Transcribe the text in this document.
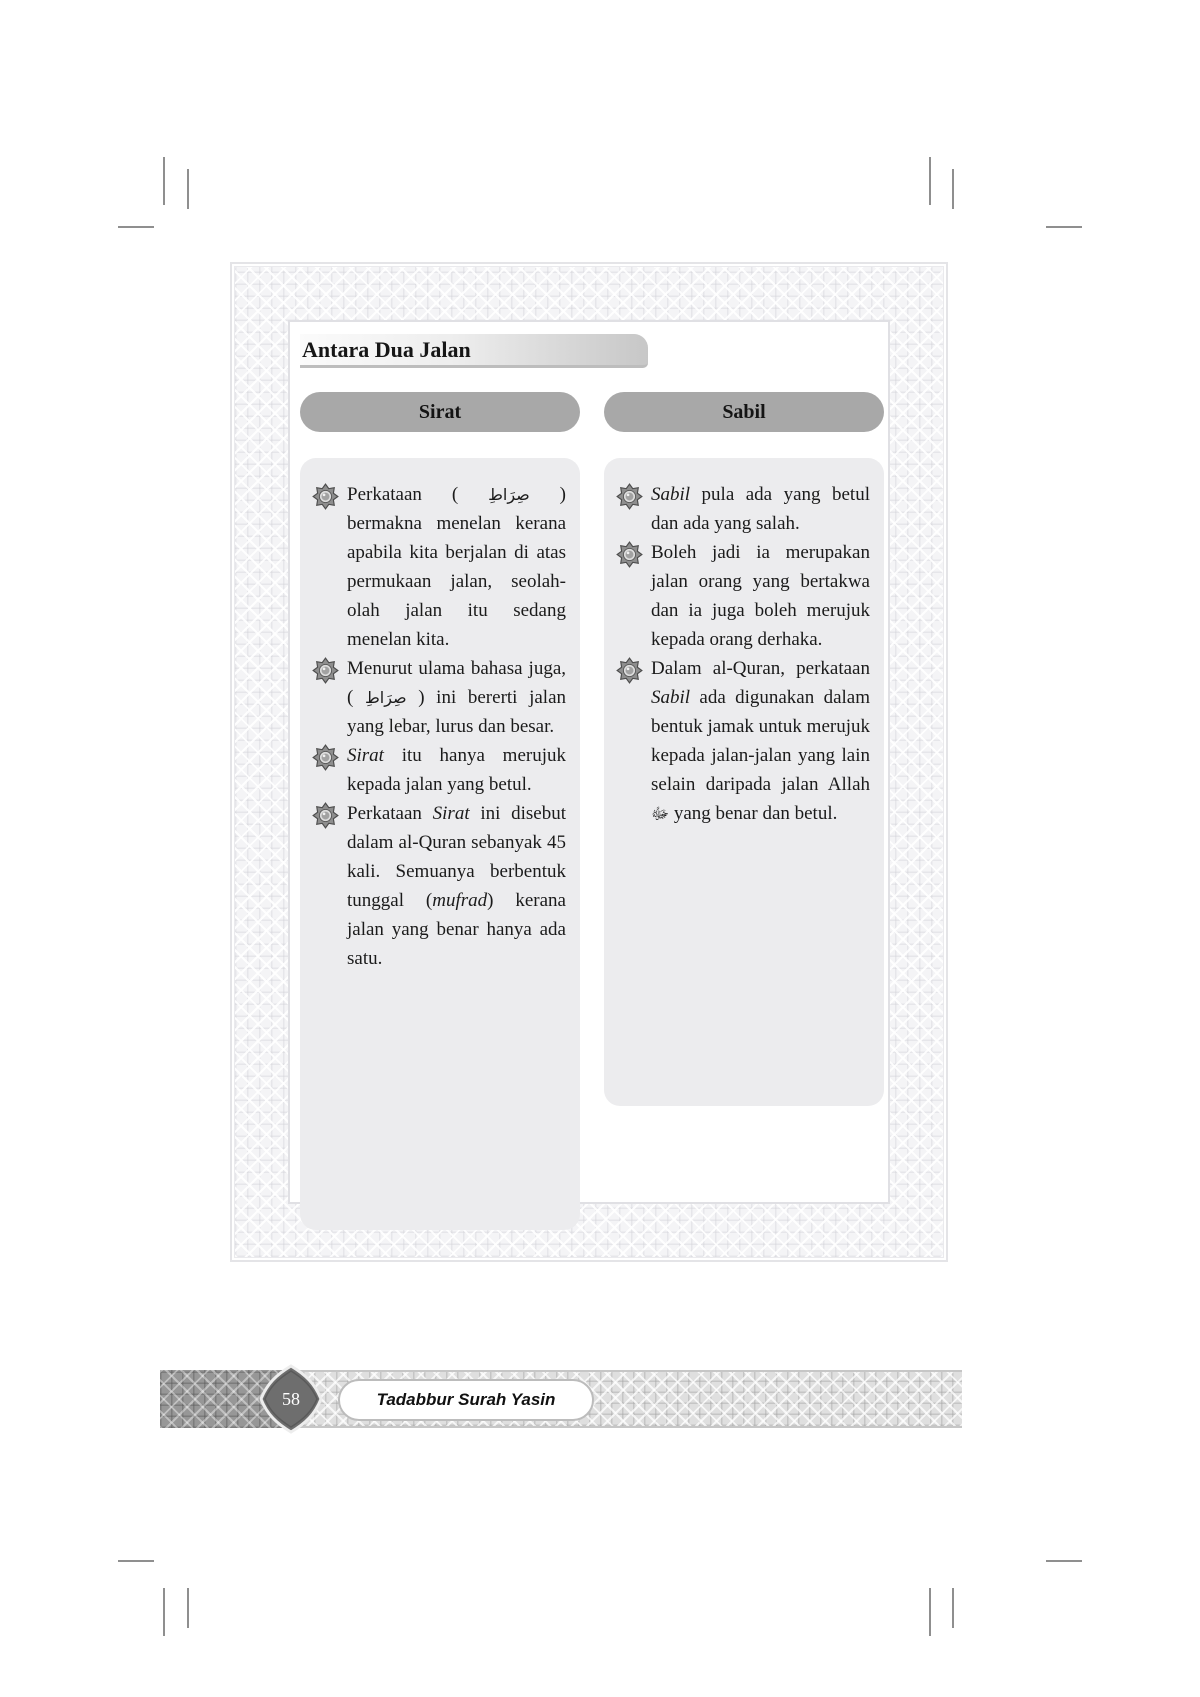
Antara Dua Jalan
Sirat	Sabil

Perkataan ( صِرَاطِ ) bermakna menelan kerana apabila kita berjalan di atas permukaan jalan, seolah-olah jalan itu sedang menelan kita.

Menurut ulama bahasa juga, ( صِرَاطِ ) ini bererti jalan yang lebar, lurus dan besar.

Sirat itu hanya merujuk kepada jalan yang betul.

Perkataan Sirat ini disebut dalam al-Quran sebanyak 45 kali. Semuanya berbentuk tunggal (mufrad) kerana jalan yang benar hanya ada satu.

Sabil pula ada yang betul dan ada yang salah.

Boleh jadi ia merupakan jalan orang yang bertakwa dan ia juga boleh merujuk kepada orang derhaka.

Dalam al-Quran, perkataan Sabil ada digunakan dalam bentuk jamak untuk merujuk kepada jalan-jalan yang lain selain daripada jalan Allah ﷻ yang benar dan betul.

58	Tadabbur Surah Yasin
